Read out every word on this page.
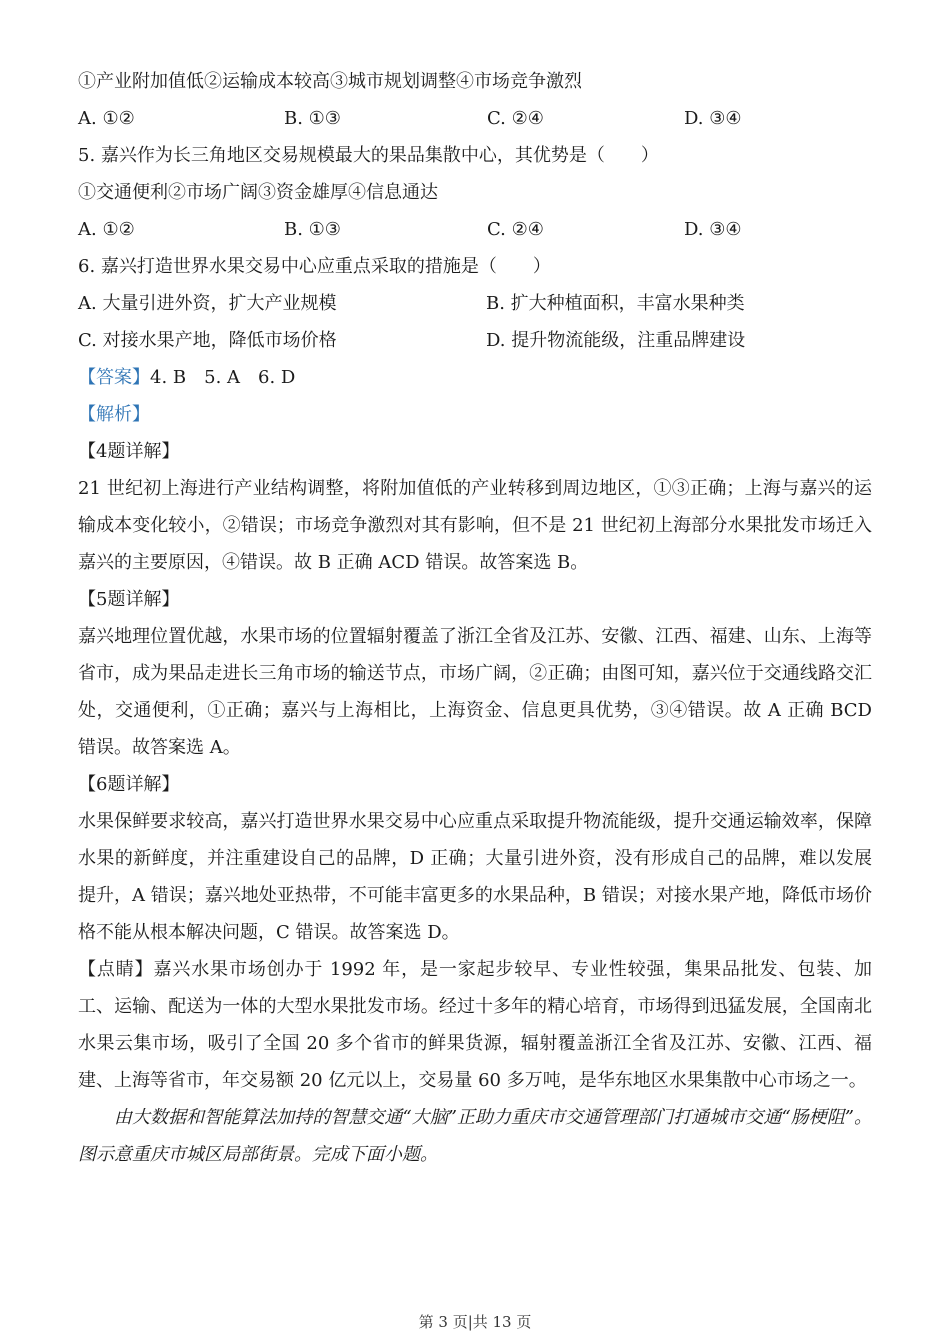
①产业附加值低②运输成本较高③城市规划调整④市场竞争激烈
A. ①②	B. ①③	C. ②④	D. ③④
5. 嘉兴作为长三角地区交易规模最大的果品集散中心，其优势是（　　）
①交通便利②市场广阔③资金雄厚④信息通达
A. ①②	B. ①③	C. ②④	D. ③④
6. 嘉兴打造世界水果交易中心应重点采取的措施是（　　）
A. 大量引进外资，扩大产业规模	B. 扩大种植面积，丰富水果种类
C. 对接水果产地，降低市场价格	D. 提升物流能级，注重品牌建设
【答案】4. B　5. A　6. D
【解析】
【4题详解】
21 世纪初上海进行产业结构调整，将附加值低的产业转移到周边地区，①③正确；上海与嘉兴的运输成本变化较小，②错误；市场竞争激烈对其有影响，但不是 21 世纪初上海部分水果批发市场迁入嘉兴的主要原因，④错误。故 B 正确 ACD 错误。故答案选 B。
【5题详解】
嘉兴地理位置优越，水果市场的位置辐射覆盖了浙江全省及江苏、安徽、江西、福建、山东、上海等省市，成为果品走进长三角市场的输送节点，市场广阔，②正确；由图可知，嘉兴位于交通线路交汇处，交通便利，①正确；嘉兴与上海相比，上海资金、信息更具优势，③④错误。故 A 正确 BCD 错误。故答案选 A。
【6题详解】
水果保鲜要求较高，嘉兴打造世界水果交易中心应重点采取提升物流能级，提升交通运输效率，保障水果的新鲜度，并注重建设自己的品牌，D 正确；大量引进外资，没有形成自己的品牌，难以发展提升，A 错误；嘉兴地处亚热带，不可能丰富更多的水果品种，B 错误；对接水果产地，降低市场价格不能从根本解决问题，C 错误。故答案选 D。
【点睛】嘉兴水果市场创办于 1992 年，是一家起步较早、专业性较强，集果品批发、包装、加工、运输、配送为一体的大型水果批发市场。经过十多年的精心培育，市场得到迅猛发展，全国南北水果云集市场，吸引了全国 20 多个省市的鲜果货源，辐射覆盖浙江全省及江苏、安徽、江西、福建、上海等省市，年交易额 20 亿元以上，交易量 60 多万吨，是华东地区水果集散中心市场之一。
由大数据和智能算法加持的智慧交通“大脑”正助力重庆市交通管理部门打通城市交通“肠梗阻”。图示意重庆市城区局部街景。完成下面小题。
第 3 页|共 13 页
